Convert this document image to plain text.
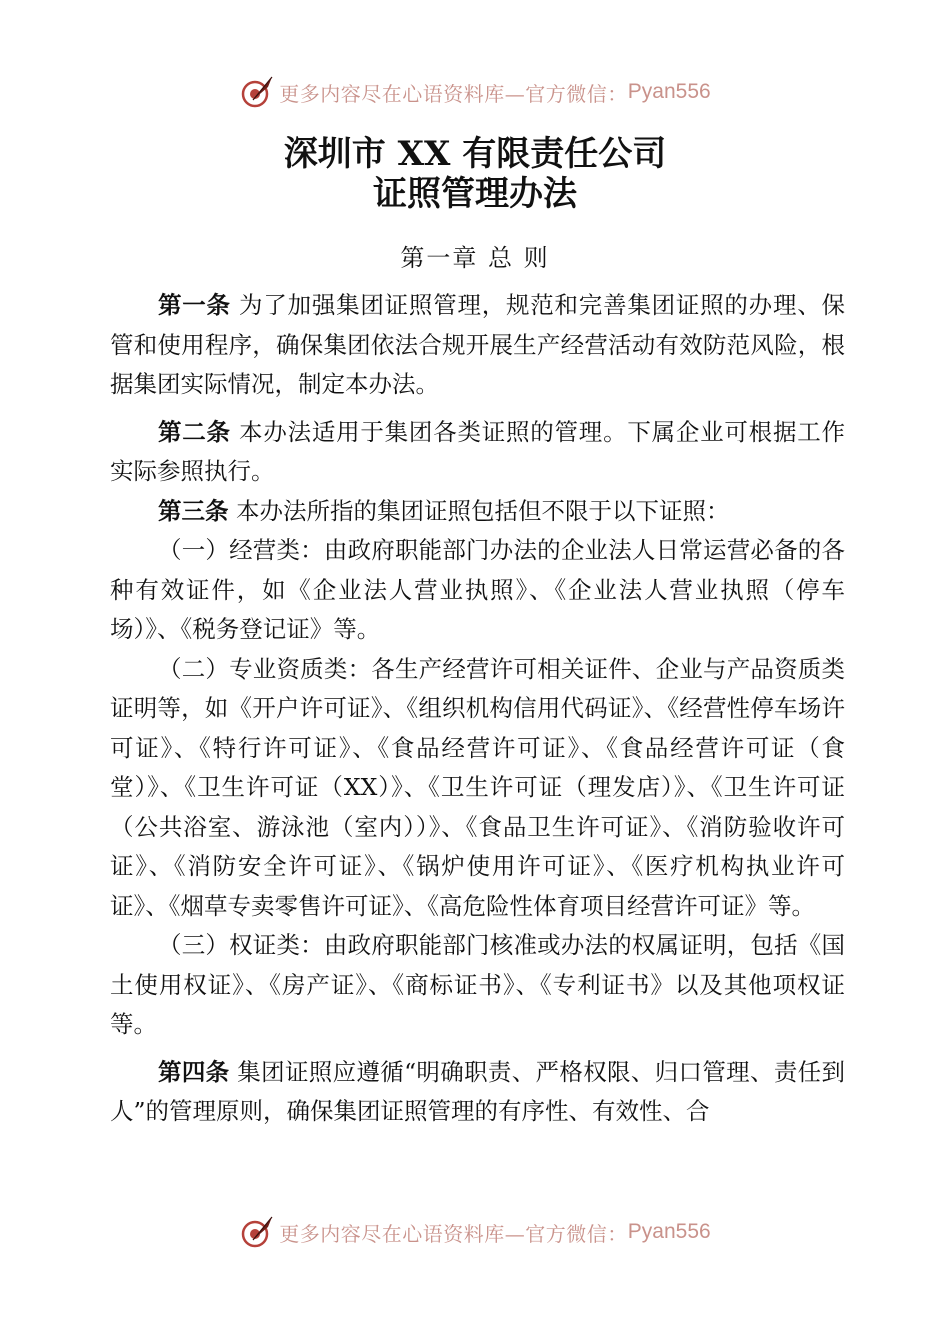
更多内容尽在心语资料库—官方微信： Pyan556
深圳市 XX 有限责任公司
证照管理办法
第一章 总 则

第一条 为了加强集团证照管理，规范和完善集团证照的办理、保管和使用程序，确保集团依法合规开展生产经营活动有效防范风险，根据集团实际情况，制定本办法。

第二条 本办法适用于集团各类证照的管理。下属企业可根据工作实际参照执行。

第三条 本办法所指的集团证照包括但不限于以下证照：

（一）经营类：由政府职能部门办法的企业法人日常运营必备的各种有效证件，如《企业法人营业执照》、《企业法人营业执照（停车场）》、《税务登记证》等。

（二）专业资质类：各生产经营许可相关证件、企业与产品资质类证明等，如《开户许可证》、《组织机构信用代码证》、《经营性停车场许可证》、《特行许可证》、《食品经营许可证》、《食品经营许可证（食堂）》、《卫生许可证（XX）》、《卫生许可证（理发店）》、《卫生许可证（公共浴室、游泳池（室内））》、《食品卫生许可证》、《消防验收许可证》、《消防安全许可证》、《锅炉使用许可证》、《医疗机构执业许可证》、《烟草专卖零售许可证》、《高危险性体育项目经营许可证》等。

（三）权证类：由政府职能部门核准或办法的权属证明，包括《国土使用权证》、《房产证》、《商标证书》、《专利证书》以及其他项权证等。

第四条 集团证照应遵循“明确职责、严格权限、归口管理、责任到人”的管理原则，确保集团证照管理的有序性、有效性、合

更多内容尽在心语资料库—官方微信： Pyan556
